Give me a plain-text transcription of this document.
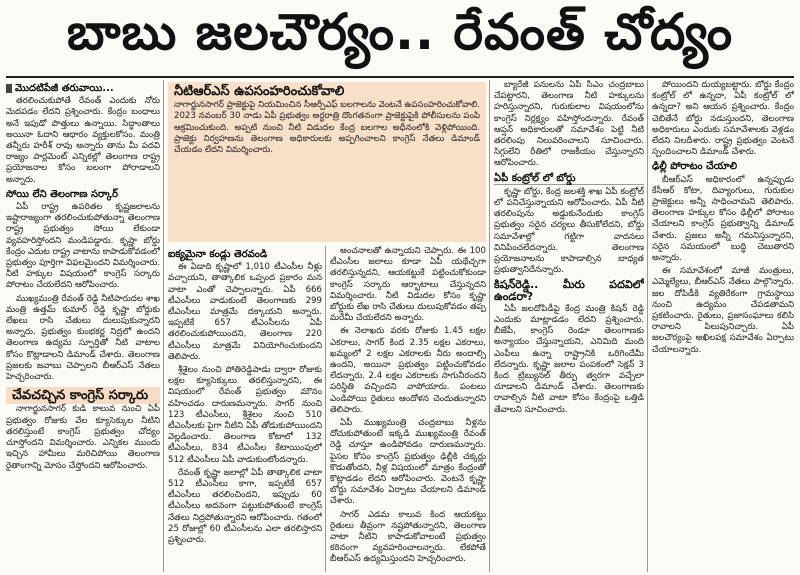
బాబు జలచౌర్యం.. రేవంత్ చోద్యం
మొదటిపేజీ తరువాయి...

తరలించుకుపోతే రేవంత్ ఎందుకు నోరు మెదపడం లేదని ప్రశ్నించారు. కేంద్రం బంధాలు అనే ఇపుడో పొత్తులు ఉన్నాయి. సిద్ధాంతాలు అయినా ఓదాని ఆధారం వ్యక్తులకోసం. మంత్రి తన్నీరు హరీశ్ రావు అన్నారు తాను మీ పదవి రాజ్యం పార్లమెంట్ ఎన్నికల్లో తెలంగాణ రాష్ట్ర ప్రయోజనాల కోసం బలంగా పోరాడాలని అన్నారు.

సోయి లేని తెలంగాణ సర్కార్

ఏపీ రాష్ట్ర ఉపరితల కృష్ణజలాలను ఇష్టారాజ్యంగా తరలించుకుపోతున్నా తెలంగాణ రాష్ట్ర ప్రభుత్వం సోయి లేకుండా వ్యవహరిస్తోందని మండిపడ్డారు. కృష్ణా బోర్డు కేంద్రం ఎదుట రాష్ట్ర వాటాను కాపాడుకోవడంలో ప్రభుత్వం పూర్తిగా విఫలమైందని విమర్శించారు. నీటి హక్కుల విషయంలో కాంగ్రెస్ సర్కారు పోరాటం చేయలేదని ఆరోపించారు.

ముఖ్యమంత్రి రేవంత్ రెడ్డి నీటిపారుదల శాఖ మంత్రి ఉత్తమ్ కుమార్ రెడ్డి కృష్ణా బోర్డుకు లేఖలు రాసి చేతులు దులుపుకున్నారని అన్నారు. ప్రభుత్వం కుంభకర్ణ నిద్రలో ఉందని తెలంగాణ ఉద్యమ స్ఫూర్తితో నీటి వాటాల కోసం కొట్లాడాలని డిమాండ్ చేశారు. తెలంగాణ ప్రజలకు జవాబు చెప్పాలని బీఆర్ఎస్ నేతలు హెచ్చరించారు.

చేవచచ్చిన కాంగ్రెస్ సర్కారు

నాగార్జునసాగర్ కుడి కాలువ నుంచి ఏపీ ప్రభుత్వం రోజుకు వేల క్యూసెక్కుల నీటిని తరలిస్తుంటే కాంగ్రెస్ ప్రభుత్వం చోద్యం చూస్తోందని విమర్శించారు. ఎన్నికల ముందు ఇచ్చిన హామీలు మరిచిపోయి తెలంగాణ రైతాంగాన్ని మోసం చేస్తోందని ఆరోపించారు.

నీటిఆర్ఎస్ ఉపసంహరించుకోవాలి
నాగార్జునసాగర్ ప్రాజెక్టుపై నియమించిన సీఆర్పీఎఫ్ బలగాలను వెంటనే ఉపసంహరించుకోవాలి. 2023 నవంబర్ 30 నాడు ఏపీ ప్రభుత్వం అర్ధరాత్రి దొంగతనంగా ప్రాజెక్టుపైకి పోలీసులను పంపి ఆక్రమించుకుంది. అప్పటి నుంచి నీటి విడుదల కేంద్ర బలగాల అధీనంలోకి వెళ్లిపోయింది. ప్రాజెక్టు నిర్వహణను తెలంగాణ అధికారులకు అప్పగించాలని కాంగ్రెస్ నేతలు డిమాండ్ చేయడం లేదని విమర్శించారు.
ఐక్యమైనా కండ్లు తెరవండి

ఈ ఏడాది కృష్ణాలో 1,010 టీఎంసీల నీళ్లు వచ్చాయని, తాత్కాలిక ఒప్పంద ప్రకారం మన వాటా ఎంతో చెప్పాలన్నారు. ఏపీ 666 టీఎంసీలు వాడుకుంటే తెలంగాణకు 299 టీఎంసీలు మాత్రమే దక్కాయని అన్నారు. ఇప్పటికే 657 టీఎంసీలను ఏపీ తరలించుకుపోయిందని, తెలంగాణ 220 టీఎంసీలు మాత్రమే వినియోగించుకుందని తెలిపారు.

శ్రీశైలం నుంచి పోతిరెడ్డిపాడు ద్వారా రోజుకు లక్షల క్యూసెక్కులు తరలిస్తున్నారని, ఈ విషయంలో రేవంత్ ప్రభుత్వం మౌనం వహించడం దారుణమన్నారు. సాగర్ నుంచి 123 టీఎంసీలు, శ్రీశైలం నుంచి 510 టీఎంసీలకు పైగా నీటిని ఏపీ తోడుకుపోయిందని వెల్లడించారు. తెలంగాణ కోటాలో 132 టీఎంసీలు, 834 టీఎంసీల కేటాయింపులో 512 టీఎంసీలు ఏపీ వాడుకుంటోందన్నారు.

రేవంత్ కృష్ణా జలాల్లో ఏపీ తాత్కాలిక వాటా 512 టీఎంసీలు కాగా, ఇప్పటికే 657 టీఎంసీలు తరలించిందని, ఇప్పుడు 60 టీఎంసీలు అదనంగా పట్టుకుపోతుంటే కాంగ్రెస్ నేతలు నిద్రపోతున్నారని ఆరోపించారు. గతంలో 25 రోజుల్లో 60 టీఎంసీలను ఎలా తరలిస్తారని ప్రశ్నించారు.

అంచనాలతో ఉన్నాయని చెప్పారు. ఈ 100 టీఎంసీల జలాలు కూడా ఏపీ యథేచ్ఛగా తరలిస్తున్నదని, ఆయకట్టుకే పట్టించుకోకుండా కాంగ్రెస్ సర్కారు ఆర్భాటాలు చేస్తున్నదని విమర్శించారు. నీటి విడుదల కోసం కృష్ణా బోర్డుకు లేఖ రాసి చేతులు దులుపుకోవడం తప్ప మరేమీ చేయలేదని అన్నారు.

ఈ నెలాఖరు వరకు రోజుకు 1.45 లక్షల ఎకరాలు, సాగర్ కింద 2.35 లక్షల ఎకరాలు, ఖమ్మంలో 2 లక్షల ఎకరాలకు నీరు అందాల్సి ఉందని, అయినా ప్రభుత్వం పట్టించుకోవడం లేదన్నారు. 2.4 లక్షల ఎకరాలకు సాగునీరందని పరిస్థితి వచ్చిందని వాపోయారు. పంటలు ఎండిపోయి రైతులు ఆందోళన చెందుతున్నారని తెలిపారు.

ఏపీ ముఖ్యమంత్రి చంద్రబాబు నీళ్లను దోచుకుపోతుంటే ఇక్కడి ముఖ్యమంత్రి రేవంత్ రెడ్డి చూస్తూ ఉండిపోవడం దారుణమన్నారు. పైసల కోసం కాంగ్రెస్ ప్రభుత్వం ఢిల్లీకి చక్కర్లు కొడుతోందని, నీళ్ల విషయంలో మాత్రం కేంద్రంతో కొట్లాడడం లేదని ఆరోపించారు. వెంటనే కృష్ణా బోర్డు సమావేశం ఏర్పాటు చేయాలని డిమాండ్ చేశారు.

సాగర్ ఎడమ కాలువ కింద ఆయకట్టు రైతులు తీవ్రంగా నష్టపోతున్నారని, తెలంగాణ వాటా నీటిని కాపాడుకోవాలంటే ప్రభుత్వం కఠినంగా వ్యవహరించాలన్నారు. లేకపోతే బీఆర్ఎస్ ఉద్యమిస్తుందని హెచ్చరించారు.

బ్యారేజీ పనులను ఏపీ సీఎం చంద్రబాబు చేపట్టారని, తెలంగాణ నీటి హక్కులను హరిస్తున్నారని, గురుకులాల విషయంలోను కాంగ్రెస్ నిర్లక్ష్యం వహిస్తోందన్నారు. రేవంత్ ఆప్షన్ అధికారులతో సమావేశం పెట్టి నీటి తరలింపు నిలువరించాలని సూచించారు. సిగ్గులేని రీతిలో రాజకీయం చేస్తున్నారని ఆరోపించారు.

ఏపీ కంట్రోల్ లో బోర్డు

కృష్ణా బోర్డు, కేంద్ర జలశక్తి శాఖ ఏపీ కంట్రోల్ లో పనిచేస్తున్నాయని ఆరోపించారు. ఏపీ నీటి తరలింపును అడ్డుకునేందుకు కాంగ్రెస్ ప్రభుత్వం సరైన చర్యలు తీసుకోలేదని, బోర్డు సమావేశాల్లో గట్టిగా వాదనలు వినిపించలేదన్నారు. తెలంగాణ ప్రయోజనాలను కాపాడాల్సిన బాధ్యత ప్రభుత్వానిదేనన్నారు.

కిషన్‌రెడ్డి.. మీరు పదవిలో ఉండరా?

ఏపీ జలదోపిడీపై కేంద్ర మంత్రి కిషన్ రెడ్డి ఎందుకు మాట్లాడడం లేదని ప్రశ్నించారు. బీజేపీ, కాంగ్రెస్ రెండూ తెలంగాణకు అన్యాయం చేస్తున్నాయని, ఎనిమిది మంది ఎంపీలు ఉన్నా రాష్ట్రానికి ఒరిగిందేమీ లేదన్నారు. కృష్ణా జలాల పంపకంలో సెక్షన్ 3 కింద ట్రిబ్యునల్ తీర్పు త్వరగా వచ్చేలా చూడాలని డిమాండ్ చేశారు. తెలంగాణకు రావాల్సిన నీటి వాటా కోసం కేంద్రంపై ఒత్తిడి తేవాలని సూచించారు.

పోయిందని దుయ్యబట్టారు. బోర్డు కేంద్రం కంట్రోల్ లో ఉన్నదా, ఏపీ కంట్రోల్ లో ఉన్నదా? అని ఆయన ప్రశ్నించారు. కేంద్రం చెబితేనే బోర్డు నడుస్తుందని, తెలంగాణ అధికారులు ఎందుకు సమావేశాలకు వెళ్లడం లేదని నిలదీశారు. రాష్ట్ర ప్రభుత్వం వెంటనే స్పందించాలని డిమాండ్ చేశారు.

ఢిల్లీ పోరాటం చేయాలి

బీఆర్ఎస్ అధికారంలో ఉన్నప్పుడు కేసీఆర్ కోటా, దివ్యాంగులు, గురుకుల ప్రాజెక్టులు అన్నీ సాధించామని తెలిపారు. తెలంగాణ హక్కుల కోసం ఢిల్లీలో పోరాటం చేయాలని కాంగ్రెస్ ప్రభుత్వాన్ని డిమాండ్ చేశారు. ప్రజలు అన్నీ గమనిస్తున్నారని, సరైన సమయంలో బుద్ధి చెబుతారని అన్నారు.

ఈ సమావేశంలో మాజీ మంత్రులు, ఎమ్మెల్యేలు, బీఆర్ఎస్ నేతలు పాల్గొన్నారు. జల దోపిడీకి వ్యతిరేకంగా గ్రామస్థాయి నుంచి ఉద్యమం చేపడతామని ప్రకటించారు. రైతులు, ప్రజాసంఘాలు కలిసి రావాలని పిలుపునిచ్చారు. ఏపీ జలచౌర్యంపై అఖిలపక్ష సమావేశం ఏర్పాటు చేయాలన్నారు.
